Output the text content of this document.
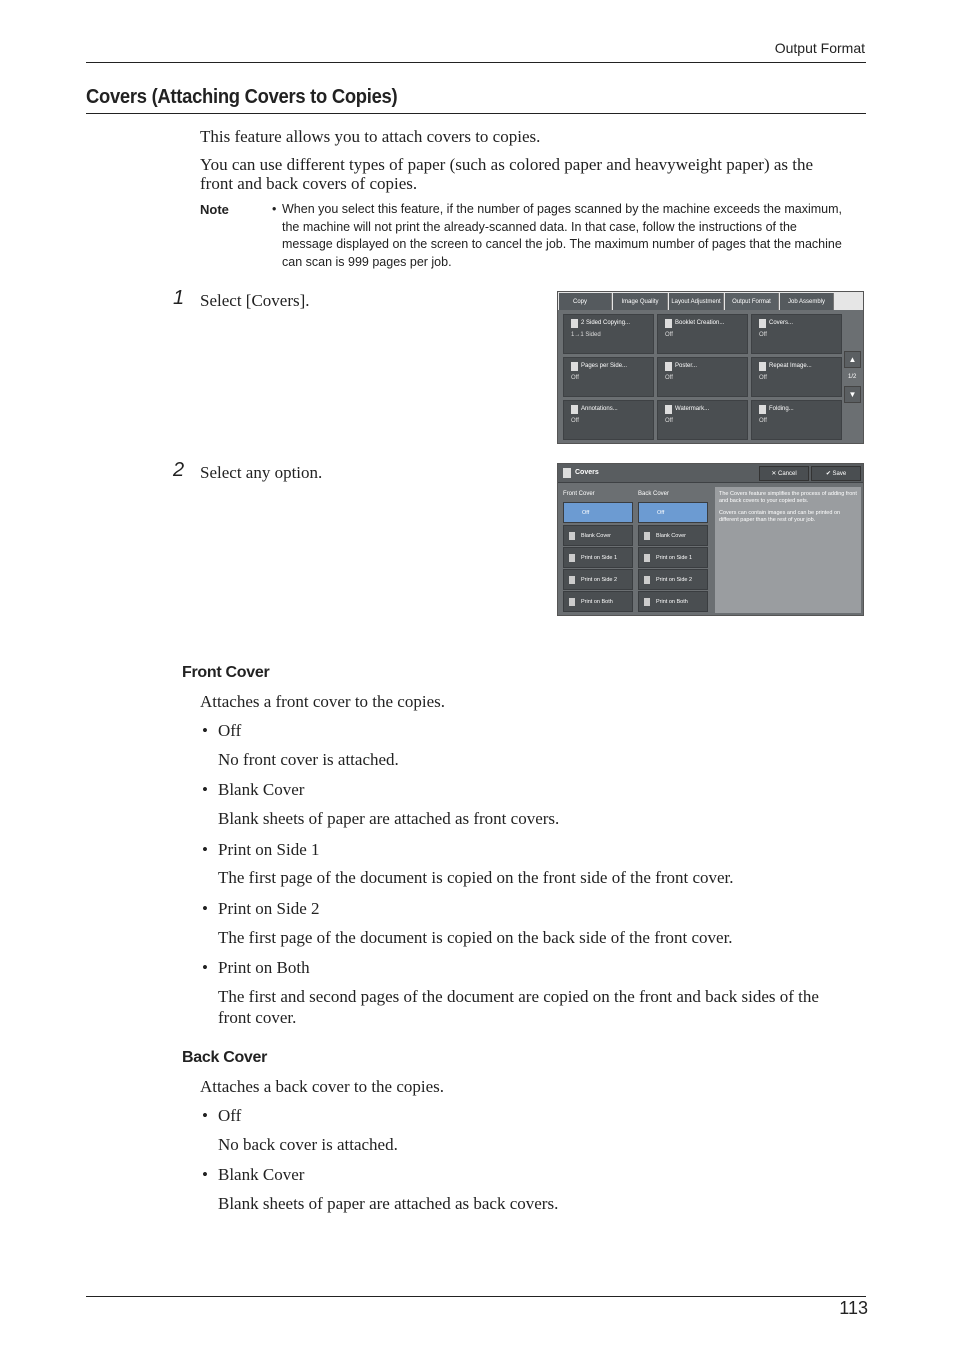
Output Format
Covers (Attaching Covers to Copies)
This feature allows you to attach covers to copies.
You can use different types of paper (such as colored paper and heavyweight paper) as the
front and back covers of copies.
Note	• When you select this feature, if the number of pages scanned by the machine exceeds the maximum,
the machine will not print the already-scanned data. In that case, follow the instructions of the
message displayed on the screen to cancel the job. The maximum number of pages that the machine
can scan is 999 pages per job.
1 Select [Covers].	Copy	Image Quality	Layout Adjustment	Output Format	Job Assembly
2 Sided Copying...
1→1 Sided
Booklet Creation...
Off
Covers...
Off
Pages per Side...
Off
Poster...
Off
Repeat Image...
Off
Annotations...
Off
Watermark...
Off
Folding...
Off
▲
1/2
▼
2 Select any option.	Covers	✕ Cancel	✔ Save
Front Cover	Back Cover
Off
Blank Cover
Print on Side 1
Print on Side 2
Print on Both
Off
Blank Cover
Print on Side 1
Print on Side 2
Print on Both

The Covers feature simplifies the process of adding front and back covers to your copied sets.

Covers can contain images and can be printed on different paper than the rest of your job.

Front Cover
Attaches a front cover to the copies.
• Off
No front cover is attached.
• Blank Cover
Blank sheets of paper are attached as front covers.
• Print on Side 1
The first page of the document is copied on the front side of the front cover.
• Print on Side 2
The first page of the document is copied on the back side of the front cover.
• Print on Both
The first and second pages of the document are copied on the front and back sides of the
front cover.
Back Cover
Attaches a back cover to the copies.
• Off
No back cover is attached.
• Blank Cover
Blank sheets of paper are attached as back covers.
113
